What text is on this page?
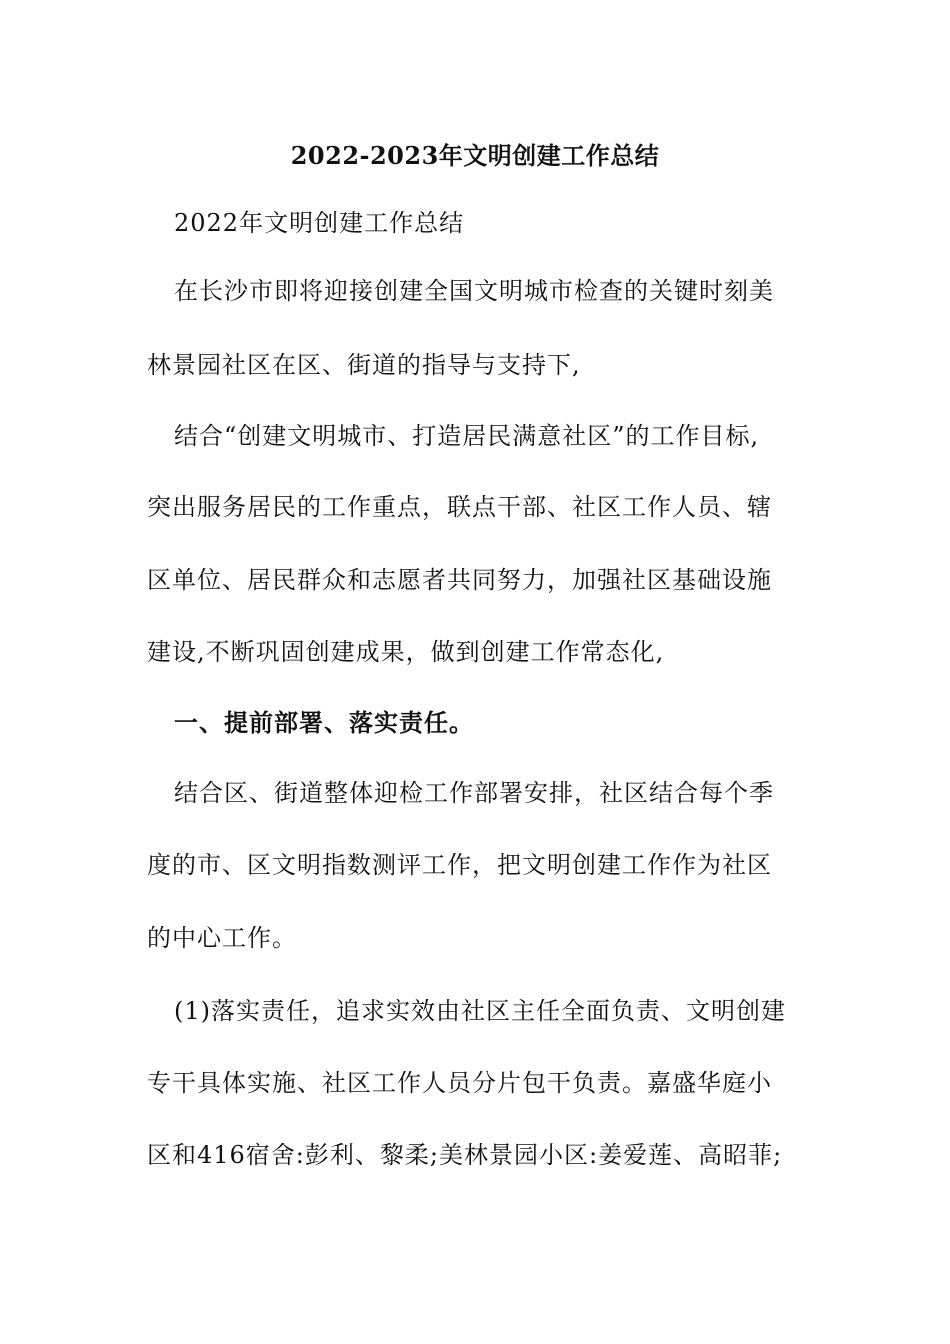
2022-2023年文明创建工作总结
2022年文明创建工作总结
在长沙市即将迎接创建全国文明城市检查的关键时刻美
林景园社区在区、街道的指导与支持下,
结合“创建文明城市、打造居民满意社区”的工作目标,
突出服务居民的工作重点，联点干部、社区工作人员、辖
区单位、居民群众和志愿者共同努力，加强社区基础设施
建设,不断巩固创建成果，做到创建工作常态化,
一、提前部署、落实责任。
结合区、街道整体迎检工作部署安排，社区结合每个季
度的市、区文明指数测评工作，把文明创建工作作为社区
的中心工作。
(1)落实责任，追求实效由社区主任全面负责、文明创建
专干具体实施、社区工作人员分片包干负责。嘉盛华庭小
区和416宿舍:彭利、黎柔;美林景园小区:姜爱莲、高昭菲;
